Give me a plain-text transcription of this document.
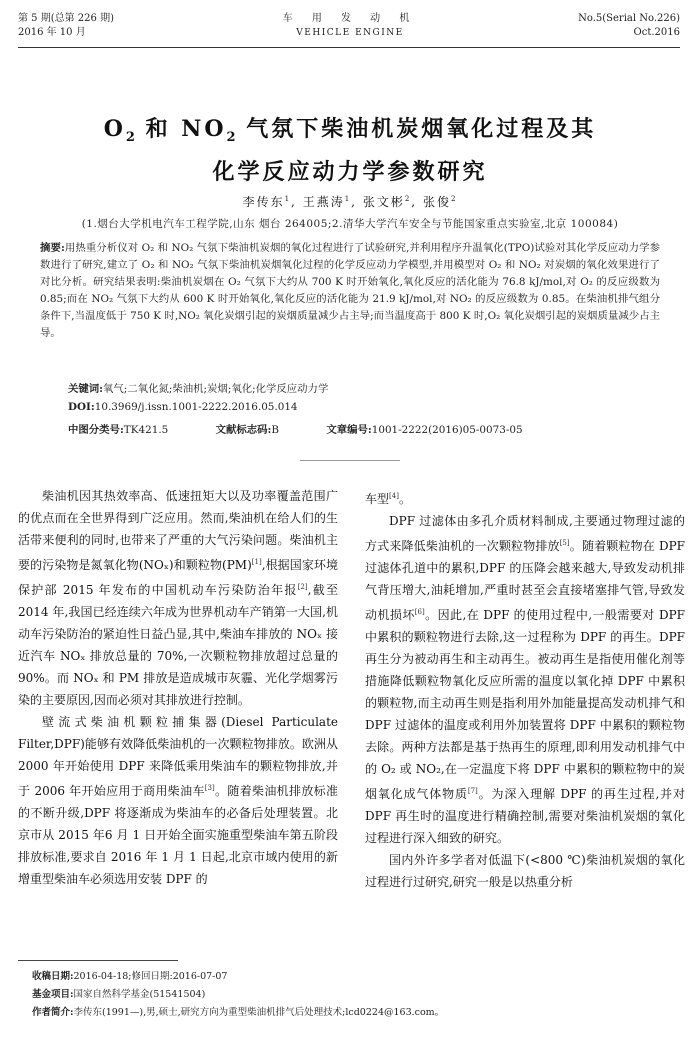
第 5 期(总第 226 期)
2016 年 10 月
车 用 发 动 机
VEHICLE ENGINE
No.5(Serial No.226)
Oct.2016
$O_2$ 和 $NO_2$ 气氛下柴油机炭烟氧化过程及其
化学反应动力学参数研究
李传东$^1$, 王燕涛$^1$, 张文彬$^2$, 张俊$^2$
(1.烟台大学机电汽车工程学院,山东 烟台 264005;2.清华大学汽车安全与节能国家重点实验室,北京 100084)
摘要:用热重分析仪对 O₂ 和 NO₂ 气氛下柴油机炭烟的氧化过程进行了试验研究,并利用程序升温氧化(TPO)试验对其化学反应动力学参数进行了研究,建立了 O₂ 和 NO₂ 气氛下柴油机炭烟氧化过程的化学反应动力学模型,并用模型对 O₂ 和 NO₂ 对炭烟的氧化效果进行了对比分析。研究结果表明:柴油机炭烟在 O₂ 气氛下大约从 700 K 时开始氧化,氧化反应的活化能为 76.8 kJ/mol,对 O₂ 的反应级数为 0.85;而在 NO₂ 气氛下大约从 600 K 时开始氧化,氧化反应的活化能为 21.9 kJ/mol,对 NO₂ 的反应级数为 0.85。在柴油机排气组分条件下,当温度低于 750 K 时,NO₂ 氧化炭烟引起的炭烟质量减少占主导;而当温度高于 800 K 时,O₂ 氧化炭烟引起的炭烟质量减少占主导。
关键词:氧气;二氧化氮;柴油机;炭烟;氧化;化学反应动力学
DOI:10.3969/j.issn.1001-2222.2016.05.014
中图分类号:TK421.5	文献标志码:B	文章编号:1001-2222(2016)05-0073-05

柴油机因其热效率高、低速扭矩大以及功率覆盖范围广的优点而在全世界得到广泛应用。然而,柴油机在给人们的生活带来便利的同时,也带来了严重的大气污染问题。柴油机主要的污染物是氮氧化物(NOₓ)和颗粒物(PM)[1],根据国家环境保护部 2015 年发布的中国机动车污染防治年报[2],截至 2014 年,我国已经连续六年成为世界机动车产销第一大国,机动车污染防治的紧迫性日益凸显,其中,柴油车排放的 NOₓ 接近汽车 NOₓ 排放总量的 70%,一次颗粒物排放超过总量的 90%。而 NOₓ 和 PM 排放是造成城市灰霾、光化学烟雾污染的主要原因,因而必须对其排放进行控制。

壁流式柴油机颗粒捕集器(Diesel Particulate Filter,DPF)能够有效降低柴油机的一次颗粒物排放。欧洲从 2000 年开始使用 DPF 来降低乘用柴油车的颗粒物排放,并于 2006 年开始应用于商用柴油车[3]。随着柴油机排放标准的不断升级,DPF 将逐渐成为柴油车的必备后处理装置。北京市从 2015 年6 月 1 日开始全面实施重型柴油车第五阶段排放标准,要求自 2016 年 1 月 1 日起,北京市域内使用的新增重型柴油车必须选用安装 DPF 的

车型[4]。

DPF 过滤体由多孔介质材料制成,主要通过物理过滤的方式来降低柴油机的一次颗粒物排放[5]。随着颗粒物在 DPF 过滤体孔道中的累积,DPF 的压降会越来越大,导致发动机排气背压增大,油耗增加,严重时甚至会直接堵塞排气管,导致发动机损坏[6]。因此,在 DPF 的使用过程中,一般需要对 DPF 中累积的颗粒物进行去除,这一过程称为 DPF 的再生。DPF 再生分为被动再生和主动再生。被动再生是指使用催化剂等措施降低颗粒物氧化反应所需的温度以氧化掉 DPF 中累积的颗粒物,而主动再生则是指利用外加能量提高发动机排气和 DPF 过滤体的温度或利用外加装置将 DPF 中累积的颗粒物去除。两种方法都是基于热再生的原理,即利用发动机排气中的 O₂ 或 NO₂,在一定温度下将 DPF 中累积的颗粒物中的炭烟氧化成气体物质[7]。为深入理解 DPF 的再生过程,并对 DPF 再生时的温度进行精确控制,需要对柴油机炭烟的氧化过程进行深入细致的研究。

国内外许多学者对低温下(<800 ℃)柴油机炭烟的氧化过程进行过研究,研究一般是以热重分析

收稿日期:2016-04-18;修回日期:2016-07-07
基金项目:国家自然科学基金(51541504)
作者简介:李传东(1991—),男,硕士,研究方向为重型柴油机排气后处理技术;lcd0224@163.com。
